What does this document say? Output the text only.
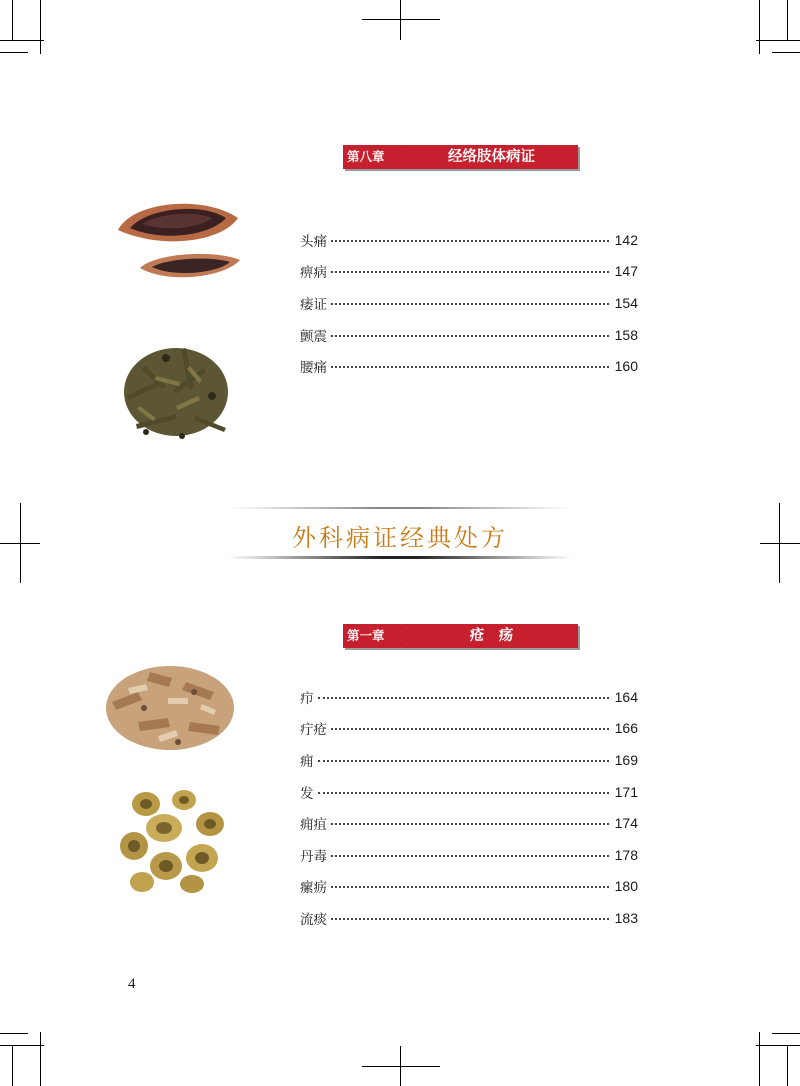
第八章	经络肢体病证
头痛	142
痹病	147
痿证	154
颤震	158
腰痛	160
外科病证经典处方
第一章	疮　疡
疖	164
疔疮	166
痈	169
发	171
痈疽	174
丹毒	178
瘰疬	180
流痰	183
4
